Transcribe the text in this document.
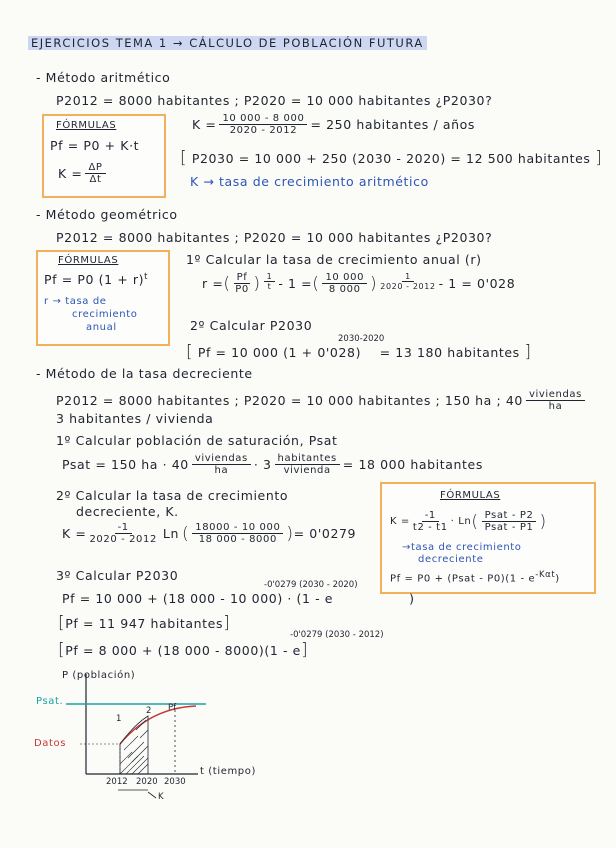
EJERCICIOS TEMA 1 → CÁLCULO DE POBLACIÓN FUTURA
- Método aritmético
P2012 = 8000 habitantes ; P2020 = 10 000 habitantes ¿P2030?
FÓRMULAS
Pf = P0 + K·t
$K = \frac{\Delta P}{\Delta t}$
$K = \frac{10 000 - 8 000}{2020 - 2012} = 250$ habitantes / años
[ P2030 = 10 000 + 250 (2030 - 2020) = 12 500 habitantes ]
K → tasa de crecimiento aritmético
- Método geométrico
P2012 = 8000 habitantes ; P2020 = 10 000 habitantes ¿P2030?
FÓRMULAS
Pf = P0 $(1 + r)^t$
r → tasa de
crecimiento
anual
1º Calcular la tasa de crecimiento anual (r)
r = ( $\frac{Pf}{P0}$ ) $\frac{1}{t} - 1$ = ( $\frac{10 000}{8 000}$ ) $\frac{1}{2020 - 2012} - 1 = 0'028$
2º Calcular P2030
2030-2020
[ Pf = 10 000 (1 + 0'028) = 13 180 habitantes ]
- Método de la tasa decreciente
P2012 = 8000 habitantes ; P2020 = 10 000 habitantes ; 150 ha ; $40 \frac{\text{viviendas}}{ha}$
3 habitantes / vivienda
1º Calcular población de saturación, Psat
Psat = 150 ha · $40 \frac{\text{viviendas}}{ha} \cdot 3 \frac{\text{habitantes}}{\text{vivienda}} = 18$ 000 habitantes
2º Calcular la tasa de crecimiento
decreciente, K.
$K = \frac{-1}{2020 - 2012}$ Ln ( $\frac{18000 - 10 000}{18 000 - 8000}$ ) = 0'0279
FÓRMULAS
$K = \frac{-1}{t2 - t1} \cdot Ln$ ( $\frac{\text{Psat - P2}}{\text{Psat - P1}}$ )
→tasa de crecimiento
decreciente
Pf = P0 + (Psat - $P0)(1 - e^{-K\alpha t})$
3º Calcular P2030
-0'0279 (2030 - 2020)
Pf = 10 000 + (18 000 - 10 000) · (1 - e	)
[Pf = 11 947 habitantes]
-0'0279 (2030 - 2012)
[Pf = 8 000 + (18 000 - 8000)(1 - e]
P (población)
Psat.
Datos
1
2 Pf
2012 2020 2030
t (tiempo)
K
